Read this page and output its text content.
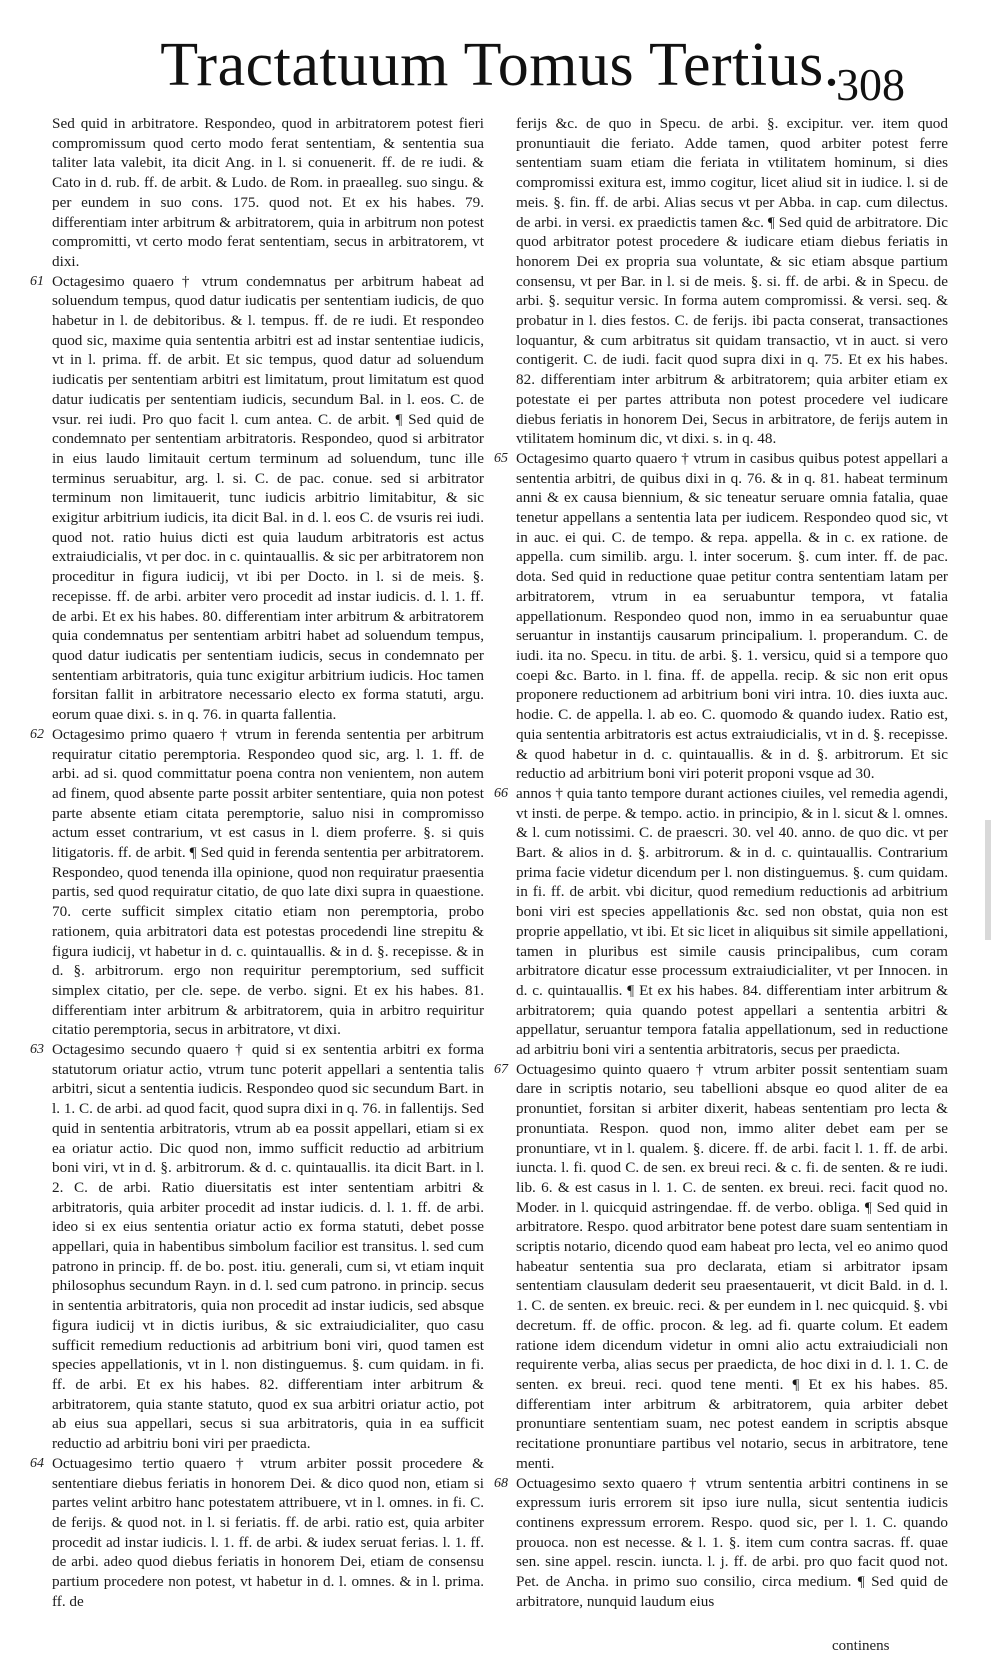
Tractatuum Tomus Tertius.
308

Sed quid in arbitratore. Respondeo, quod in arbitratorem potest fieri compromissum quod certo modo ferat sententiam, & sententia sua taliter lata valebit, ita dicit Ang. in l. si conuenerit. ff. de re iudi. & Cato in d. rub. ff. de arbit. & Ludo. de Rom. in praealleg. suo singu. & per eundem in suo cons. 175. quod not. Et ex his habes. 79. differentiam inter arbitrum & arbitratorem, quia in arbitrum non potest compromitti, vt certo modo ferat sententiam, secus in arbitratorem, vt dixi.

61 Octagesimo quaero † vtrum condemnatus per arbitrum habeat ad soluendum tempus, quod datur iudicatis per sententiam iudicis, de quo habetur in l. de debitoribus. & l. tempus. ff. de re iudi. Et respondeo quod sic, maxime quia sententia arbitri est ad instar sententiae iudicis, vt in l. prima. ff. de arbit. Et sic tempus, quod datur ad soluendum iudicatis per sententiam arbitri est limitatum, prout limitatum est quod datur iudicatis per sententiam iudicis, secundum Bal. in l. eos. C. de vsur. rei iudi. Pro quo facit l. cum antea. C. de arbit. ¶ Sed quid de condemnato per sententiam arbitratoris. Respondeo, quod si arbitrator in eius laudo limitauit certum terminum ad soluendum, tunc ille terminus seruabitur, arg. l. si. C. de pac. conue. sed si arbitrator terminum non limitauerit, tunc iudicis arbitrio limitabitur, & sic exigitur arbitrium iudicis, ita dicit Bal. in d. l. eos C. de vsuris rei iudi. quod not. ratio huius dicti est quia laudum arbitratoris est actus extraiudicialis, vt per doc. in c. quintauallis. & sic per arbitratorem non proceditur in figura iudicij, vt ibi per Docto. in l. si de meis. §. recepisse. ff. de arbi. arbiter vero procedit ad instar iudicis. d. l. 1. ff. de arbi. Et ex his habes. 80. differentiam inter arbitrum & arbitratorem quia condemnatus per sententiam arbitri habet ad soluendum tempus, quod datur iudicatis per sententiam iudicis, secus in condemnato per sententiam arbitratoris, quia tunc exigitur arbitrium iudicis. Hoc tamen forsitan fallit in arbitratore necessario electo ex forma statuti, argu. eorum quae dixi. s. in q. 76. in quarta fallentia.

62 Octagesimo primo quaero † vtrum in ferenda sententia per arbitrum requiratur citatio peremptoria. Respondeo quod sic, arg. l. 1. ff. de arbi. ad si. quod committatur poena contra non venientem, non autem ad finem, quod absente parte possit arbiter sententiare, quia non potest parte absente etiam citata peremptorie, saluo nisi in compromisso actum esset contrarium, vt est casus in l. diem proferre. §. si quis litigatoris. ff. de arbit. ¶ Sed quid in ferenda sententia per arbitratorem. Respondeo, quod tenenda illa opinione, quod non requiratur praesentia partis, sed quod requiratur citatio, de quo late dixi supra in quaestione. 70. certe sufficit simplex citatio etiam non peremptoria, probo rationem, quia arbitratori data est potestas procedendi line strepitu & figura iudicij, vt habetur in d. c. quintauallis. & in d. §. recepisse. & in d. §. arbitrorum. ergo non requiritur peremptorium, sed sufficit simplex citatio, per cle. sepe. de verbo. signi. Et ex his habes. 81. differentiam inter arbitrum & arbitratorem, quia in arbitro requiritur citatio peremptoria, secus in arbitratore, vt dixi.

63 Octagesimo secundo quaero † quid si ex sententia arbitri ex forma statutorum oriatur actio, vtrum tunc poterit appellari a sententia talis arbitri, sicut a sententia iudicis. Respondeo quod sic secundum Bart. in l. 1. C. de arbi. ad quod facit, quod supra dixi in q. 76. in fallentijs. Sed quid in sententia arbitratoris, vtrum ab ea possit appellari, etiam si ex ea oriatur actio. Dic quod non, immo sufficit reductio ad arbitrium boni viri, vt in d. §. arbitrorum. & d. c. quintauallis. ita dicit Bart. in l. 2. C. de arbi. Ratio diuersitatis est inter sententiam arbitri & arbitratoris, quia arbiter procedit ad instar iudicis. d. l. 1. ff. de arbi. ideo si ex eius sententia oriatur actio ex forma statuti, debet posse appellari, quia in habentibus simbolum facilior est transitus. l. sed cum patrono in princip. ff. de bo. post. itiu. generali, cum si, vt etiam inquit philosophus secundum Rayn. in d. l. sed cum patrono. in princip. secus in sententia arbitratoris, quia non procedit ad instar iudicis, sed absque figura iudicij vt in dictis iuribus, & sic extraiudicialiter, quo casu sufficit remedium reductionis ad arbitrium boni viri, quod tamen est species appellationis, vt in l. non distinguemus. §. cum quidam. in fi. ff. de arbi. Et ex his habes. 82. differentiam inter arbitrum & arbitratorem, quia stante statuto, quod ex sua arbitri oriatur actio, pot ab eius sua appellari, secus si sua arbitratoris, quia in ea sufficit reductio ad arbitriu boni viri per praedicta.

64 Octuagesimo tertio quaero † vtrum arbiter possit procedere & sententiare diebus feriatis in honorem Dei. & dico quod non, etiam si partes velint arbitro hanc potestatem attribuere, vt in l. omnes. in fi. C. de ferijs. & quod not. in l. si feriatis. ff. de arbi. ratio est, quia arbiter procedit ad instar iudicis. l. 1. ff. de arbi. & iudex seruat ferias. l. 1. ff. de arbi. adeo quod diebus feriatis in honorem Dei, etiam de consensu partium procedere non potest, vt habetur in d. l. omnes. & in l. prima. ff. de

ferijs &c. de quo in Specu. de arbi. §. excipitur. ver. item quod pronuntiauit die feriato. Adde tamen, quod arbiter potest ferre sententiam suam etiam die feriata in vtilitatem hominum, si dies compromissi exitura est, immo cogitur, licet aliud sit in iudice. l. si de meis. §. fin. ff. de arbi. Alias secus vt per Abba. in cap. cum dilectus. de arbi. in versi. ex praedictis tamen &c. ¶ Sed quid de arbitratore. Dic quod arbitrator potest procedere & iudicare etiam diebus feriatis in honorem Dei ex propria sua voluntate, & sic etiam absque partium consensu, vt per Bar. in l. si de meis. §. si. ff. de arbi. & in Specu. de arbi. §. sequitur versic. In forma autem compromissi. & versi. seq. & probatur in l. dies festos. C. de ferijs. ibi pacta conserat, transactiones loquantur, & cum arbitratus sit quidam transactio, vt in auct. si vero contigerit. C. de iudi. facit quod supra dixi in q. 75. Et ex his habes. 82. differentiam inter arbitrum & arbitratorem; quia arbiter etiam ex potestate ei per partes attributa non potest procedere vel iudicare diebus feriatis in honorem Dei, Secus in arbitratore, de ferijs autem in vtilitatem hominum dic, vt dixi. s. in q. 48.

65 Octagesimo quarto quaero † vtrum in casibus quibus potest appellari a sententia arbitri, de quibus dixi in q. 76. & in q. 81. habeat terminum anni & ex causa biennium, & sic teneatur seruare omnia fatalia, quae tenetur appellans a sententia lata per iudicem. Respondeo quod sic, vt in auc. ei qui. C. de tempo. & repa. appella. & in c. ex ratione. de appella. cum similib. argu. l. inter socerum. §. cum inter. ff. de pac. dota. Sed quid in reductione quae petitur contra sententiam latam per arbitratorem, vtrum in ea seruabuntur tempora, vt fatalia appellationum. Respondeo quod non, immo in ea seruabuntur quae seruantur in instantijs causarum principalium. l. properandum. C. de iudi. ita no. Specu. in titu. de arbi. §. 1. versicu, quid si a tempore quo coepi &c. Barto. in l. fina. ff. de appella. recip. & sic non erit opus proponere reductionem ad arbitrium boni viri intra. 10. dies iuxta auc. hodie. C. de appella. l. ab eo. C. quomodo & quando iudex. Ratio est, quia sententia arbitratoris est actus extraiudicialis, vt in d. §. recepisse. & quod habetur in d. c. quintauallis. & in d. §. arbitrorum. Et sic reductio ad arbitrium boni viri poterit proponi vsque ad 30.

66 annos † quia tanto tempore durant actiones ciuiles, vel remedia agendi, vt insti. de perpe. & tempo. actio. in principio, & in l. sicut & l. omnes. & l. cum notissimi. C. de praescri. 30. vel 40. anno. de quo dic. vt per Bart. & alios in d. §. arbitrorum. & in d. c. quintauallis. Contrarium prima facie videtur dicendum per l. non distinguemus. §. cum quidam. in fi. ff. de arbit. vbi dicitur, quod remedium reductionis ad arbitrium boni viri est species appellationis &c. sed non obstat, quia non est proprie appellatio, vt ibi. Et sic licet in aliquibus sit simile appellationi, tamen in pluribus est simile causis principalibus, cum coram arbitratore dicatur esse processum extraiudicialiter, vt per Innocen. in d. c. quintauallis. ¶ Et ex his habes. 84. differentiam inter arbitrum & arbitratorem; quia quando potest appellari a sententia arbitri & appellatur, seruantur tempora fatalia appellationum, sed in reductione ad arbitriu boni viri a sententia arbitratoris, secus per praedicta.

67 Octuagesimo quinto quaero † vtrum arbiter possit sententiam suam dare in scriptis notario, seu tabellioni absque eo quod aliter de ea pronuntiet, forsitan si arbiter dixerit, habeas sententiam pro lecta & pronuntiata. Respon. quod non, immo aliter debet eam per se pronuntiare, vt in l. qualem. §. dicere. ff. de arbi. facit l. 1. ff. de arbi. iuncta. l. fi. quod C. de sen. ex breui reci. & c. fi. de senten. & re iudi. lib. 6. & est casus in l. 1. C. de senten. ex breui. reci. facit quod no. Moder. in l. quicquid astringendae. ff. de verbo. obliga. ¶ Sed quid in arbitratore. Respo. quod arbitrator bene potest dare suam sententiam in scriptis notario, dicendo quod eam habeat pro lecta, vel eo animo quod habeatur sententia sua pro declarata, etiam si arbitrator ipsam sententiam clausulam dederit seu praesentauerit, vt dicit Bald. in d. l. 1. C. de senten. ex breuic. reci. & per eundem in l. nec quicquid. §. vbi decretum. ff. de offic. procon. & leg. ad fi. quarte colum. Et eadem ratione idem dicendum videtur in omni alio actu extraiudiciali non requirente verba, alias secus per praedicta, de hoc dixi in d. l. 1. C. de senten. ex breui. reci. quod tene menti. ¶ Et ex his habes. 85. differentiam inter arbitrum & arbitratorem, quia arbiter debet pronuntiare sententiam suam, nec potest eandem in scriptis absque recitatione pronuntiare partibus vel notario, secus in arbitratore, tene menti.

68 Octuagesimo sexto quaero † vtrum sententia arbitri continens in se expressum iuris errorem sit ipso iure nulla, sicut sententia iudicis continens expressum errorem. Respo. quod sic, per l. 1. C. quando prouoca. non est necesse. & l. 1. §. item cum contra sacras. ff. quae sen. sine appel. rescin. iuncta. l. j. ff. de arbi. pro quo facit quod not. Pet. de Ancha. in primo suo consilio, circa medium. ¶ Sed quid de arbitratore, nunquid laudum eius

continens
